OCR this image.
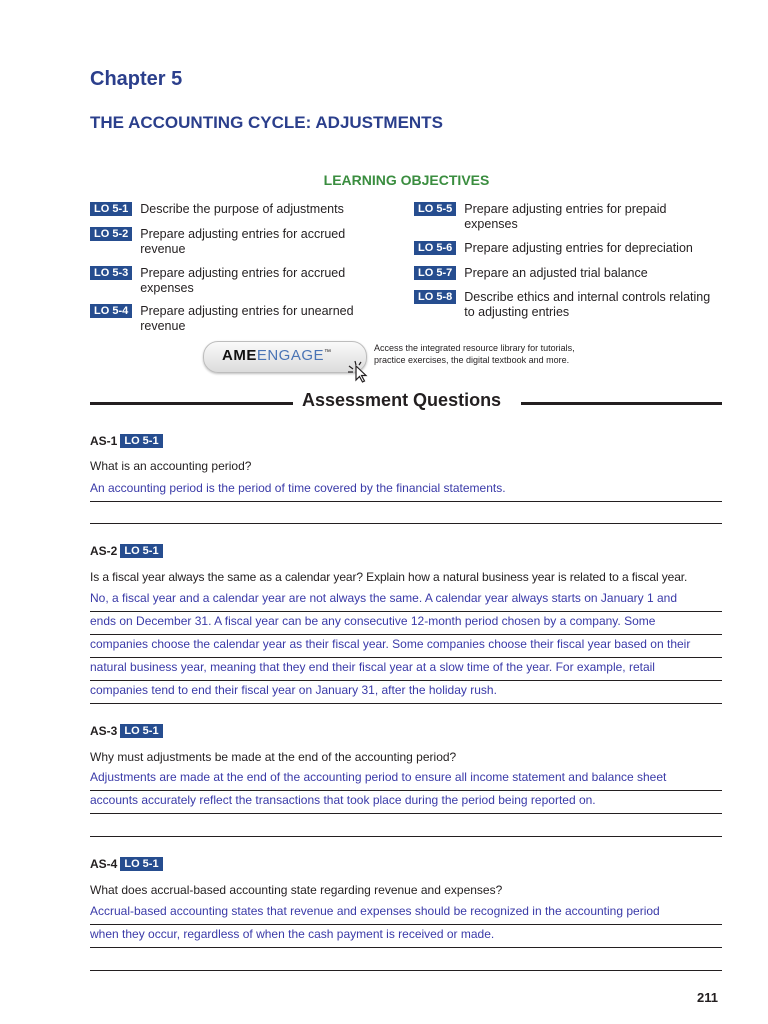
Chapter 5
THE ACCOUNTING CYCLE: ADJUSTMENTS
LEARNING OBJECTIVES
LO 5-1 Describe the purpose of adjustments
LO 5-2 Prepare adjusting entries for accrued revenue
LO 5-3 Prepare adjusting entries for accrued expenses
LO 5-4 Prepare adjusting entries for unearned revenue
LO 5-5 Prepare adjusting entries for prepaid expenses
LO 5-6 Prepare adjusting entries for depreciation
LO 5-7 Prepare an adjusted trial balance
LO 5-8 Describe ethics and internal controls relating to adjusting entries
AMEENGAGE™	Access the integrated resource library for tutorials, practice exercises, the digital textbook and more.
Assessment Questions
AS-1 LO 5-1
What is an accounting period?
An accounting period is the period of time covered by the financial statements.
AS-2 LO 5-1
Is a fiscal year always the same as a calendar year? Explain how a natural business year is related to a fiscal year.
No, a fiscal year and a calendar year are not always the same. A calendar year always starts on January 1 and
ends on December 31. A fiscal year can be any consecutive 12-month period chosen by a company. Some
companies choose the calendar year as their fiscal year. Some companies choose their fiscal year based on their
natural business year, meaning that they end their fiscal year at a slow time of the year. For example, retail
companies tend to end their fiscal year on January 31, after the holiday rush.
AS-3 LO 5-1
Why must adjustments be made at the end of the accounting period?
Adjustments are made at the end of the accounting period to ensure all income statement and balance sheet
accounts accurately reflect the transactions that took place during the period being reported on.
AS-4 LO 5-1
What does accrual-based accounting state regarding revenue and expenses?
Accrual-based accounting states that revenue and expenses should be recognized in the accounting period
when they occur, regardless of when the cash payment is received or made.
211
